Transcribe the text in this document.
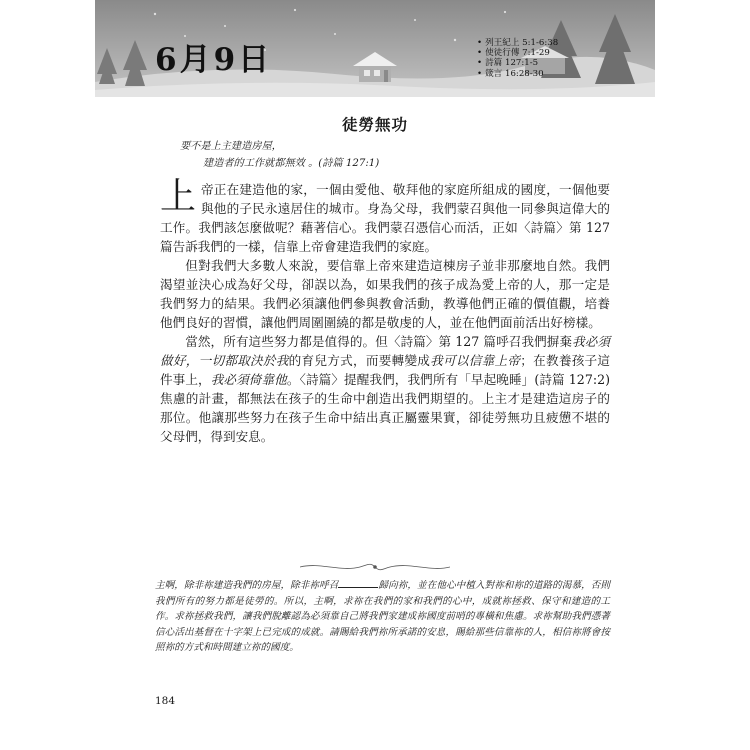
6月9日	• 列王紀上 5:1-6:38
• 使徒行傳 7:1-29
• 詩篇 127:1-5
• 箴言 16:28-30
徒勞無功
要不是上主建造房屋，
建造者的工作就都無效 。(詩篇 127:1)

上帝正在建造他的家，一個由愛他、敬拜他的家庭所組成的國度，一個他要與他的子民永遠居住的城市。身為父母，我們蒙召與他一同參與這偉大的工作。我們該怎麼做呢？藉著信心。我們蒙召憑信心而活，正如〈詩篇〉第 127 篇告訴我們的一樣，信靠上帝會建造我們的家庭。

但對我們大多數人來說，要信靠上帝來建造這棟房子並非那麼地自然。我們渴望並決心成為好父母，卻誤以為，如果我們的孩子成為愛上帝的人，那一定是我們努力的結果。我們必須讓他們參與教會活動，教導他們正確的價值觀，培養他們良好的習慣，讓他們周圍圍繞的都是敬虔的人，並在他們面前活出好榜樣。

當然，所有這些努力都是值得的。但〈詩篇〉第 127 篇呼召我們摒棄我必須做好，一切都取決於我的育兒方式，而要轉變成我可以信靠上帝；在教養孩子這件事上，我必須倚靠他。〈詩篇〉提醒我們，我們所有「早起晚睡」(詩篇 127:2) 焦慮的計畫，都無法在孩子的生命中創造出我們期望的。上主才是建造這房子的那位。他讓那些努力在孩子生命中結出真正屬靈果實，卻徒勞無功且疲憊不堪的父母們，得到安息。

主啊，除非祢建造我們的房屋，除非祢呼召	歸向祢，並在他心中植入對祢和祢的道路的渴慕，否則我們所有的努力都是徒勞的。所以，主啊，求祢在我們的家和我們的心中，成就祢拯救、保守和建造的工作。求祢拯救我們，讓我們脫離認為必須靠自己將我們家建成祢國度前哨的專橫和焦慮。求祢幫助我們憑著信心活出基督在十字架上已完成的成就。請賜給我們祢所承諾的安息，賜給那些信靠祢的人，相信祢將會按照祢的方式和時間建立祢的國度。
184
